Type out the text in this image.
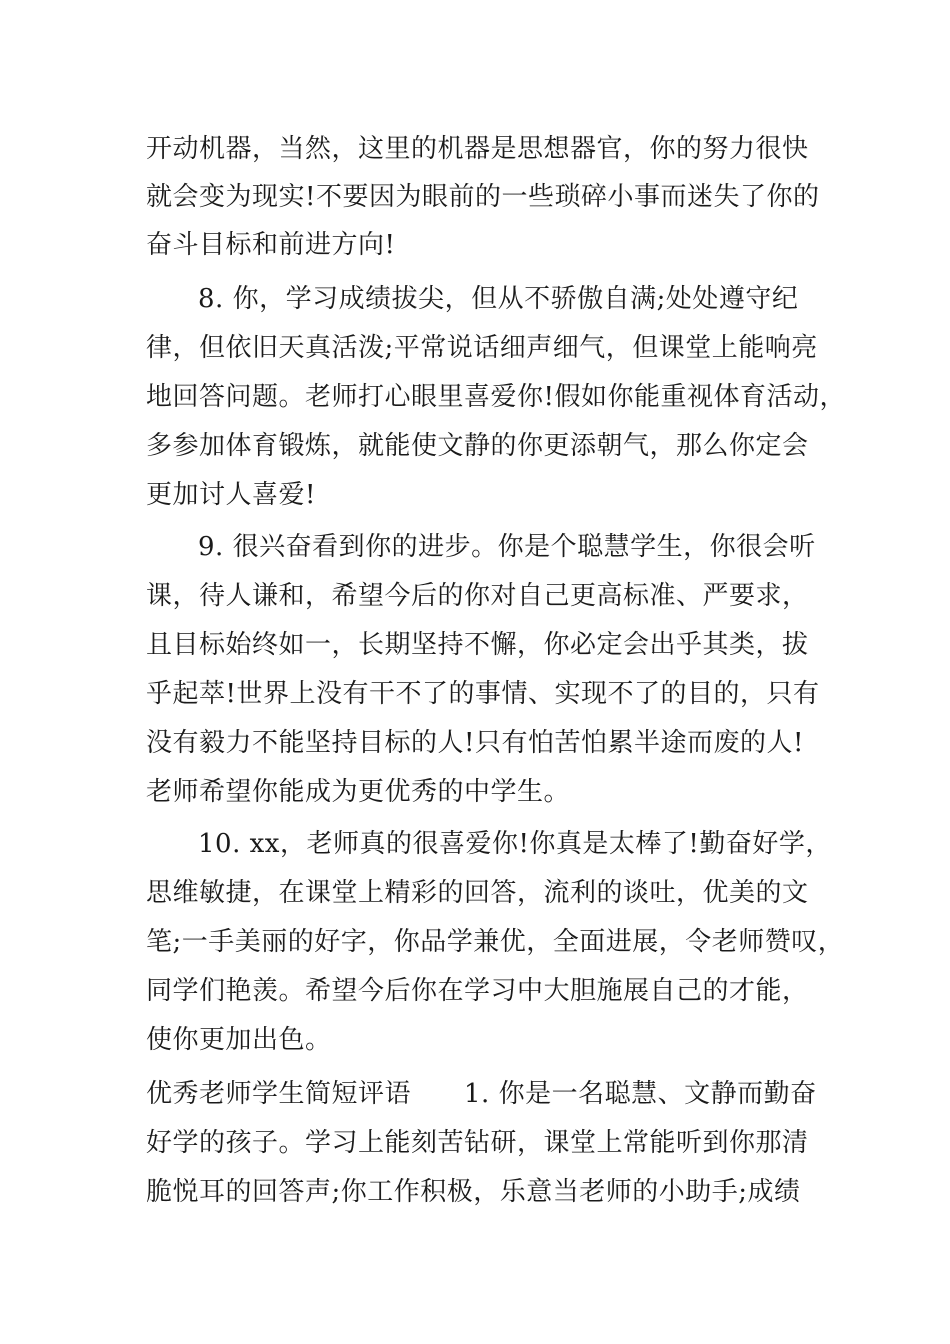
开动机器，当然，这里的机器是思想器官，你的努力很快
就会变为现实!不要因为眼前的一些琐碎小事而迷失了你的
奋斗目标和前进方向!
8. 你，学习成绩拔尖，但从不骄傲自满;处处遵守纪
律，但依旧天真活泼;平常说话细声细气，但课堂上能响亮
地回答问题。老师打心眼里喜爱你!假如你能重视体育活动，
多参加体育锻炼，就能使文静的你更添朝气，那么你定会
更加讨人喜爱!
9. 很兴奋看到你的进步。你是个聪慧学生，你很会听
课，待人谦和，希望今后的你对自己更高标准、严要求，
且目标始终如一，长期坚持不懈，你必定会出乎其类，拔
乎起萃!世界上没有干不了的事情、实现不了的目的，只有
没有毅力不能坚持目标的人!只有怕苦怕累半途而废的人!
老师希望你能成为更优秀的中学生。
10. xx，老师真的很喜爱你!你真是太棒了!勤奋好学，
思维敏捷，在课堂上精彩的回答，流利的谈吐，优美的文
笔;一手美丽的好字，你品学兼优，全面进展，令老师赞叹，
同学们艳羡。希望今后你在学习中大胆施展自己的才能，
使你更加出色。
优秀老师学生简短评语　　1. 你是一名聪慧、文静而勤奋
好学的孩子。学习上能刻苦钻研，课堂上常能听到你那清
脆悦耳的回答声;你工作积极，乐意当老师的小助手;成绩
